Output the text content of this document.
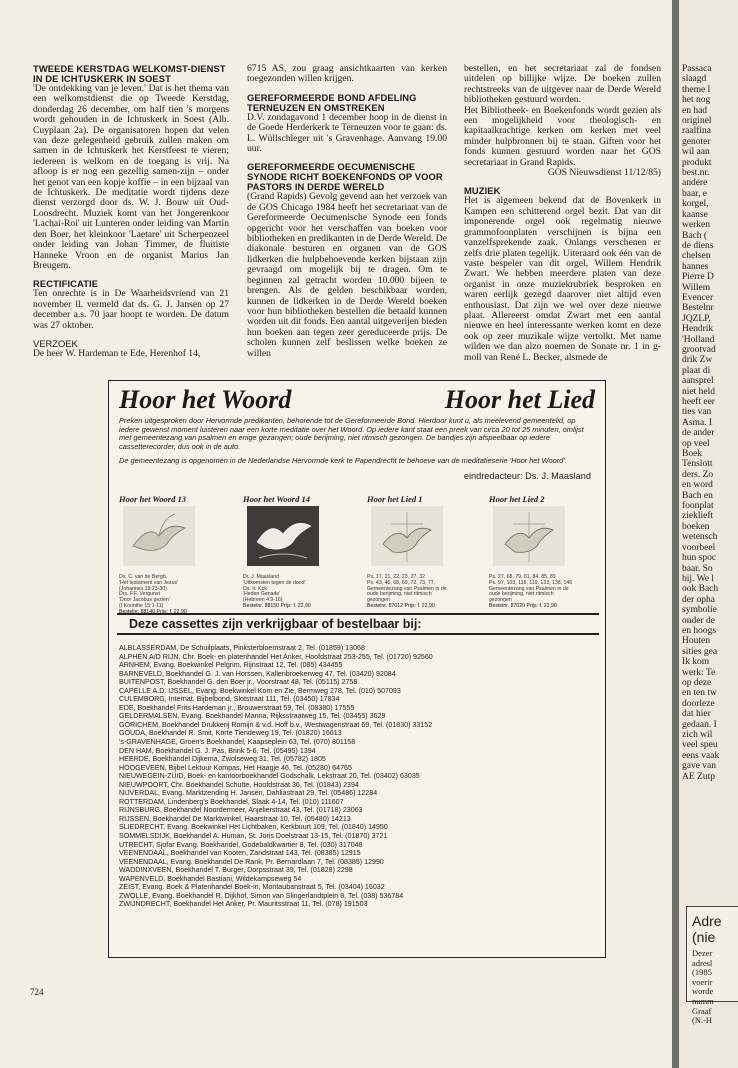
TWEEDE KERSTDAG WELKOMST-DIENST IN DE ICHTUSKERK IN SOEST
'De ontdekking van je leven.' Dat is het thema van een welkomstdienst die op Tweede Kerstdag, donderdag 26 december, om half tien 's morgens wordt gehouden in de Ichtuskerk in Soest (Alb. Cuyplaan 2a). De organisatoren hopen dat velen van deze gelegenheid gebruik zullen maken om samen in de Ichtuskerk het Kerstfeest te vieren; iedereen is welkom en de toegang is vrij. Na afloop is er nog een gezellig samen-zijn – onder het genot van een kopje koffie – in een bijzaal van de Ichtuskerk. De meditatie wordt tijdens deze dienst verzorgd door ds. W. J. Bouw uit Oud-Loosdrecht. Muziek komt van het Jongerenkoor 'Lachai-Roi' uit Lunteren onder leiding van Martin den Boer, het kleinkoor 'Laetare' uit Scherpenzeel onder leiding van Johan Timmer, de fluitiste Hanneke Vroon en de organist Marius Jan Breugem.
RECTIFICATIE
Ten onrechte is in De Waarheidsvriend van 21 november ll. vermeld dat ds. G. J. Jansen op 27 december a.s. 70 jaar hoopt te worden. De datum was 27 oktober.
VERZOEK
De heer W. Hardeman te Ede, Herenhof 14,
6715 AS, zou graag ansichtkaarten van kerken toegezonden willen krijgen.
GEREFORMEERDE BOND AFDELING TERNEUZEN EN OMSTREKEN
D.V. zondagavond 1 december hoop in de dienst in de Goede Herderkerk te Terneuzen voor te gaan: ds. L. Wüllschleger uit 's Gravenhage. Aanvang 19.00 uur.
GEREFORMEERDE OECUMENISCHE SYNODE RICHT BOEKENFONDS OP VOOR PASTORS IN DERDE WERELD
(Grand Rapids) Gevolg gevend aan het verzoek van de GOS Chicago 1984 heeft het secretariaat van de Gereformeerde Oecumenische Synode een fonds opgericht voor het verschaffen van boeken voor bibliotheken en predikanten in de Derde Wereld. De diakonale besturen en organen van de GOS lidkerken die hulpbehoevende kerken bijstaan zijn gevraagd om mogelijk bij te dragen. Om te beginnen zal getracht worden 10.000 bijeen te brengen. Als de gelden beschikbaar worden, kunnen de lidkerken in de Derde Wereld boeken voor hun bibliotheken bestellen die betaald kunnen worden uit dit fonds. Een aantal uitgeverijen bieden hun boeken aan tegen zeer gereduceerde prijs. De scholen kunnen zelf beslissen welke boeken ze willen
bestellen, en het secretariaat zal de fondsen uitdelen op billijke wijze. De boeken zullen rechtstreeks van de uitgever naar de Derde Wereld bibliotheken gestuurd worden.
Het Bibliotheek- en Boekenfonds wordt gezien als een mogelijkheid voor theologisch- en kapitaalkrachtige kerken om kerken met veel minder hulpbronnen bij te staan. Giften voor het fonds kunnen gestuurd worden naar het GOS secretariaat in Grand Rapids.
GOS Nieuwsdienst 11/12/85)
MUZIEK
Het is algemeen bekend dat de Bovenkerk in Kampen een schitterend orgel bezit. Dat van dit imponerende orgel ook regelmatig nieuwe grammofoonplaten verschijnen is bijna een vanzelfsprekende zaak. Onlangs verschenen er zelfs drie platen tegelijk. Uiteraard ook één van de vaste bespeler van dit orgel, Willem Hendrik Zwart. We hebben meerdere platen van deze organist in onze muziekrubriek besproken en waren eerlijk gezegd daarover niet altijd even enthousiast. Dat zijn we wel over deze nieuwe plaat. Allereerst omdat Zwart met een aantal nieuwe en heel interessante werken komt en deze ook op zeer muzikale wijze vertolkt. Met name wilden we dan alzo noemen de Sonate nr. 1 in g-moll van René L. Becker, alsmede de
Hoor het Woord	Hoor het Lied
Preken uitgesproken door Hervormde predikanten, behorende tot de Gereformeerde Bond. Hierdoor kunt u, als meelevend gemeentelid, op iedere gewenst moment luisteren naar een korte meditatie over het Woord. Op iedere kant staat een preek van circa 20 tot 25 minuten, omlijst met gemeentezang van psalmen en enige gezangen; oude berijming, niet ritmisch gezongen. De bandjes zijn afspeelbaar op iedere cassetterecorder, dus ook in de auto.
De gemeentezang is opgenomen in de Nederlandse Hervormde kerk te Papendrecht te behoeve van de meditatieserie 'Hoor het Woord'.
eindredacteur: Ds. J. Maasland
Hoor het Woord 13
Ds. C. van de Bergh,
'Het testament van Jezus'
(Johannes 19:23-30)
Drs. F.F. Vergunst
'Door Jacobus gezien'
(I Korinthe 15:1-11)
Bestelnr. 88140 Prijs: f. 22,90
Hoor het Woord 14
Dr. J. Maasland
'Uitkomsten tegen de dood'
Ds. Ir. Kok
'Heden Genade'
(Hebreën 4:9-16)
Bestelnr. 88150 Prijs: f. 22,90
Hoor het Lied 1
Ps. 17, 21, 22, 23, 27, 32
Ps. 43, 46, 68, 69, 72, 73, 77,
Gemeentezang van Psalmen in de
oude berijming, niet ritmisch
gezongen
Bestelnr. 87012 Prijs: f. 22,90
Hoor het Lied 2
Ps. 27, 68, 79, 81, 84, 85, 89
Ps. 97, 103, 116, 119, 133, 138, 146
Gemeentezang van Psalmen in de
oude berijming, niet ritmisch
gezongen
Bestelnr. 87020 Prijs: f. 22,90
Deze cassettes zijn verkrijgbaar of bestelbaar bij:
ALBLASSERDAM, De Schuilplaats, Pinksterbloemstraat 2, Tel. (01859) 13068
ALPHEN A/D RIJN, Chr. Boek- en platenhandel Het Anker, Hoofdstraat 253-255, Tel. (01720) 92560
ARNHEM, Evang. Boekwinkel Pelgrim, Rijnstraat 12, Tel. (085) 434455
BARNEVELD, Boekhandel G. J. van Horssen, Kallenbroekerweg 47, Tel. (03420) 92084
BUITENPOST, Boekhandel G. den Boer jr., Voorstraat 48, Tel. (05115) 2758
CAPELLE A.D. IJSSEL, Evang. Boekwinkel Kom en Zie, Bermweg 278, Tel. (010) 507093
CULEMBORG, Internat. Bijbelbond, Slotstraat 111, Tel. (03450) 17834
EDE, Boekhandel Frits Hardeman jr., Brouwerstraat 59, Tel. (08380) 17555
GELDERMALSEN, Evang. Boekhandel Manna, Rijksstraatweg 15, Tel. (03455) 3629
GORICHEM, Boekhandel Drukkerij Romijn & v.d. Hoff b.v., Westwagenstraat 69, Tel. (01830) 33152
GOUDA, Boekhandel R. Smit, Korte Tiendeweg 19, Tel. (01820) 16613
's-GRAVENHAGE, Groen's Boekhandel, Kaapseplein 63, Tel. (070) 801158
DEN HAM, Boekhandel G. J. Pas, Brink 5-6, Tel. (05495) 1394
HEERDE, Boekhandel Dijkema, Zwolseweg 31, Tel. (05782) 1805
HOOGEVEEN, Bijbel Lektuur Kompas, Het Haagje 46, Tel. (05280) 64765
NIEUWEGEIN-ZUID, Boek- en kantoorboekhandel Godschalk, Lekstraat 20, Tel. (03402) 63035
NIEUWPOORT, Chr. Boekhandel Schutte, Hoofdstraat 36, Tel. (01843) 2394
NIJVERDAL, Evang. Marktzending H. Jansen, Dahliastraat 29, Tel. (05486) 12284
ROTTERDAM, Lindenberg's Boekhandel, Slaak 4-14, Tel. (010) 111607
RIJNSBURG, Boekhandel Noordermeer, Anjelierstraat 43, Tel. (01718) 23063
RIJSSEN, Boekhandel De Marktwinkel, Haarstraat 10, Tel. (05480) 14213
SLIEDRECHT, Evang. Boekwinkel Het Lichtbaken, Kerkbuurt 109, Tel. (01840) 14950
SOMMELSDIJK, Boekhandel A. Human, St. Joris Doelstraat 13-15, Tel. (01870) 3721
UTRECHT, Sjofar Evang. Boekhandel, Godebaldkwartier 8, Tel. (030) 317048
VEENENDAAL, Boekhandel van Kooten, Zandstraat 143, Tel. (08385) 12915
VEENENDAAL, Evang. Boekhandel De Rank, Pr. Bernardlaan 7, Tel. (08385) 12990
WADDINXVEEN, Boekhandel T. Burger, Dorpsstraat 39, Tel. (01828) 2298
WAPENVELD, Boekhandel Bastiani, Wildekampseweg 54
ZEIST, Evang. Boek & Platenhandel Boek-in, Montaubanstraat 5, Tel. (03404) 16032
ZWOLLE, Evang. Boekhandel R. Dijkhof, Simon van Slingerlandtplein 8, Tel. (038) 536784
ZWIJNDRECHT, Boekhandel Het Anker, Pr. Mauritsstraat 11, Tel. (078) 191503
724
Passaca
slaagd
theme l
het nog
en had
originel
raalfina
genoter
wil aan
produkt
best.nr.
andere
baar, e
korgel,
kaanse
werken
Bach (
de diens
chelsen
hannes
Pierre D
Willem
Evencer
Bestelnr
JQZLP,
Hendrik
'Holland
grootvad
drik Zw
plaat di
aansprel
niet held
heeft eer
ties van
Asma. I
de ander
op veel
Boek
Tenslott
ders. Zo
en word
Bach en
foonplat
zieklieft
boeken
wetensch
voorbeel
hun spoc
baar. So
bij. We l
ook Bach
der opha
symbolie
onder de
en hoogs
Houten
sities gea
Ik kom
werk: Te
op deze
en ten tw
doorleze
dat hier
gedaan. I
zich wil
veel speu
eens vaak
gave van
AE Zutp
Adre
(nie
Dezer
adresl
(1985
voerir
worde
numm
Graaf
(N.-H
